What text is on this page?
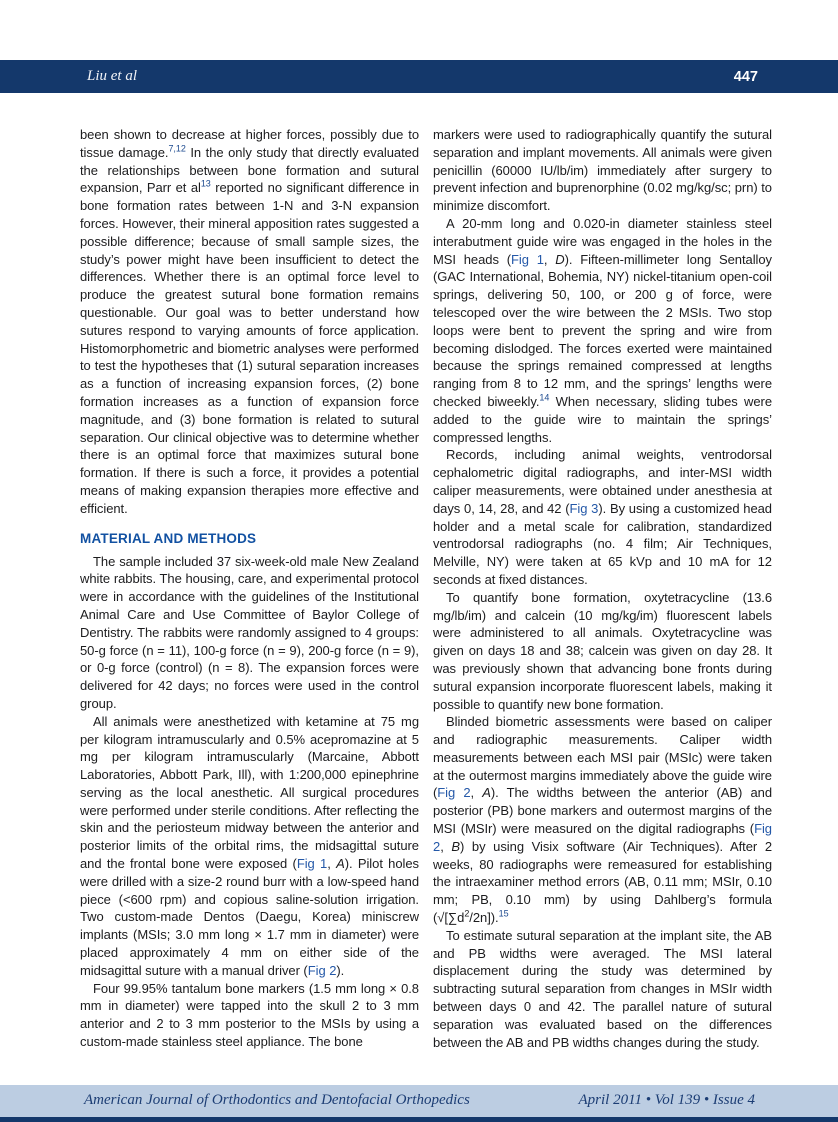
Liu et al	447

been shown to decrease at higher forces, possibly due to tissue damage.$^{7,12}$ In the only study that directly evaluated the relationships between bone formation and sutural expansion, Parr et al$^{13}$ reported no significant difference in bone formation rates between 1-N and 3-N expansion forces. However, their mineral apposition rates suggested a possible difference; because of small sample sizes, the study’s power might have been insufficient to detect the differences. Whether there is an optimal force level to produce the greatest sutural bone formation remains questionable. Our goal was to better understand how sutures respond to varying amounts of force application. Histomorphometric and biometric analyses were performed to test the hypotheses that (1) sutural separation increases as a function of increasing expansion forces, (2) bone formation increases as a function of expansion force magnitude, and (3) bone formation is related to sutural separation. Our clinical objective was to determine whether there is an optimal force that maximizes sutural bone formation. If there is such a force, it provides a potential means of making expansion therapies more effective and efficient.

MATERIAL AND METHODS

The sample included 37 six-week-old male New Zealand white rabbits. The housing, care, and experimental protocol were in accordance with the guidelines of the Institutional Animal Care and Use Committee of Baylor College of Dentistry. The rabbits were randomly assigned to 4 groups: 50-g force (n = 11), 100-g force (n = 9), 200-g force (n = 9), or 0-g force (control) (n = 8). The expansion forces were delivered for 42 days; no forces were used in the control group.

All animals were anesthetized with ketamine at 75 mg per kilogram intramuscularly and 0.5% acepromazine at 5 mg per kilogram intramuscularly (Marcaine, Abbott Laboratories, Abbott Park, Ill), with 1:200,000 epinephrine serving as the local anesthetic. All surgical procedures were performed under sterile conditions. After reflecting the skin and the periosteum midway between the anterior and posterior limits of the orbital rims, the midsagittal suture and the frontal bone were exposed (Fig 1, A). Pilot holes were drilled with a size-2 round burr with a low-speed hand piece (<600 rpm) and copious saline-solution irrigation. Two custom-made Dentos (Daegu, Korea) miniscrew implants (MSIs; 3.0 mm long × 1.7 mm in diameter) were placed approximately 4 mm on either side of the midsagittal suture with a manual driver (Fig 2).

Four 99.95% tantalum bone markers (1.5 mm long × 0.8 mm in diameter) were tapped into the skull 2 to 3 mm anterior and 2 to 3 mm posterior to the MSIs by using a custom-made stainless steel appliance. The bone

markers were used to radiographically quantify the sutural separation and implant movements. All animals were given penicillin (60000 IU/lb/im) immediately after surgery to prevent infection and buprenorphine (0.02 mg/kg/sc; prn) to minimize discomfort.

A 20-mm long and 0.020-in diameter stainless steel interabutment guide wire was engaged in the holes in the MSI heads (Fig 1, D). Fifteen-millimeter long Sentalloy (GAC International, Bohemia, NY) nickel-titanium open-coil springs, delivering 50, 100, or 200 g of force, were telescoped over the wire between the 2 MSIs. Two stop loops were bent to prevent the spring and wire from becoming dislodged. The forces exerted were maintained because the springs remained compressed at lengths ranging from 8 to 12 mm, and the springs’ lengths were checked biweekly.$^{14}$ When necessary, sliding tubes were added to the guide wire to maintain the springs’ compressed lengths.

Records, including animal weights, ventrodorsal cephalometric digital radiographs, and inter-MSI width caliper measurements, were obtained under anesthesia at days 0, 14, 28, and 42 (Fig 3). By using a customized head holder and a metal scale for calibration, standardized ventrodorsal radiographs (no. 4 film; Air Techniques, Melville, NY) were taken at 65 kVp and 10 mA for 12 seconds at fixed distances.

To quantify bone formation, oxytetracycline (13.6 mg/lb/im) and calcein (10 mg/kg/im) fluorescent labels were administered to all animals. Oxytetracycline was given on days 18 and 38; calcein was given on day 28. It was previously shown that advancing bone fronts during sutural expansion incorporate fluorescent labels, making it possible to quantify new bone formation.

Blinded biometric assessments were based on caliper and radiographic measurements. Caliper width measurements between each MSI pair (MSIc) were taken at the outermost margins immediately above the guide wire (Fig 2, A). The widths between the anterior (AB) and posterior (PB) bone markers and outermost margins of the MSI (MSIr) were measured on the digital radiographs (Fig 2, B) by using Visix software (Air Techniques). After 2 weeks, 80 radiographs were remeasured for establishing the intraexaminer method errors (AB, 0.11 mm; MSIr, 0.10 mm; PB, 0.10 mm) by using Dahlberg’s formula $(√[\sum d^2/2n]).^{15}$

To estimate sutural separation at the implant site, the AB and PB widths were averaged. The MSI lateral displacement during the study was determined by subtracting sutural separation from changes in MSIr width between days 0 and 42. The parallel nature of sutural separation was evaluated based on the differences between the AB and PB widths changes during the study.

American Journal of Orthodontics and Dentofacial Orthopedics	April 2011 • Vol 139 • Issue 4
